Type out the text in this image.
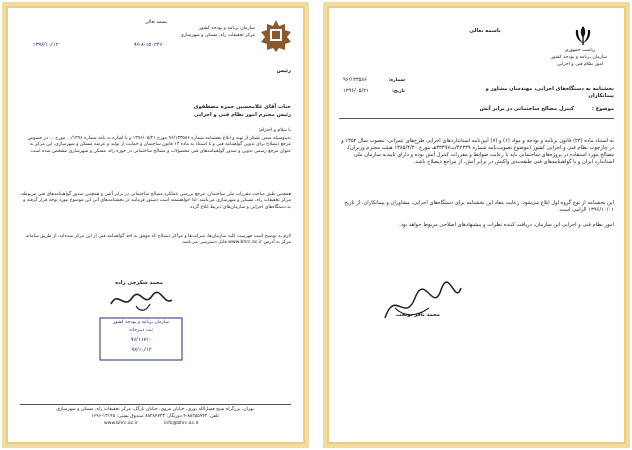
بسمه تعالی
سازمان برنامه و بودجه کشور
مرکز تحقیقات راه، مسکن و شهرسازی
۹۶-۸-۱۵۰۲۴۶
۱۳۹۶/۱۰/۱۲
رئیس
جناب آقای غلامحسین حمزه مصطفوی
رئیس محترم امور نظام فنی و اجرایی
با سلام و احترام؛
بدینوسیله ضمن تشکر از تهیه و ابلاغ بخشنامه شماره ۹۶/۱۳۳۵۸۶ مورخ ۱۳۹۶/۰۵/۲۱ و با اشاره به نامه شماره ۱۳۹۶/... مورخ ... در خصوص مرجع ذیصلاح برای تدوین گواهینامه فنی و با استناد به ماده ۱۳ قانون ساختمان و حمایت از تولید و عرضه مسکن و شهرسازی، این مرکز به عنوان مرجع رسمی تدوین و صدور گواهینامه‌های فنی محصولات و مصالح ساختمانی در حوزه راه، مسکن و شهرسازی مشخص شده است.
همچنین طبق مباحث مقررات ملی ساختمان، مرجع بررسی عملکرد مصالح ساختمانی در برابر آتش و همچنین صدور گواهینامه‌های فنی مربوطه، مرکز تحقیقات راه، مسکن و شهرسازی می‌باشد. لذا خواهشمند است دستور فرمایید در بخشنامه‌های آتی این موضوع مورد توجه قرار گرفته و به دستگاه‌های اجرایی و سازمان‌های ذیربط ابلاغ گردد.
لازم به توضیح است فهرست کلیه سازمان‌ها، شرکت‌ها و مراکز ذیصلاح که موفق به اخذ گواهینامه فنی از این مرکز شده‌اند، از طریق سامانه مرکز به آدرس www.bhrc.ac.ir قابل دسترسی می‌باشد.
محمد شکرچی زاده
سازمان برنامه و بودجه کشور
ثبت دبیرخانه
۹۶/۱۱۷۱۰
۹۶/۱۰/۱۲
تهران، بزرگراه شیخ فضل‌الله نوری، خیابان مروی، خیابان نارگل، مرکز تحقیقات راه، مسکن و شهرسازی
تلفن: ۸۸۲۵۵۹۴۲-۴ دورنگار: ۸۸۳۸۴۷۲۳ صندوق پستی: ۱۳۱۴۵-۱۶۹۶
www.bhrc.ac.ir	info@bhrc.ac.ir
باسمه تعالی
ریاست جمهوری
سازمان برنامه و بودجه کشور
امور نظام فنی و اجرایی
شماره:
۹۶/۱۳۳۵۸۶
تاریخ:
۱۳۹۶/۰۵/۲۱	بخشنامه به دستگاه‌های اجرایی، مهندسان مشاور و پیمانکاران
موضوع :
کنترل مصالح ساختمانی در برابر آتش
به استناد ماده (۲۳) قانون برنامه و بودجه و مواد (۶) و (۷) آیین‌نامه استانداردهای اجرایی طرح‌های عمرانی- مصوب سال ۱۳۵۲ و در چارچوب نظام فنی و اجرایی کشور (موضوع تصویب‌نامه شماره ۴۲۳۳۹/ت۳۳۴۹۷هـ مورخ ۱۳۸۵/۴/۲۰ هیئت محترم وزیران)، مصالح مورد استفاده در پروژه‌های ساختمانی باید با رعایت ضوابط و مقررات کنترل آتش بوده و دارای تاییدیه سازمان ملی استاندارد ایران و یا گواهینامه‌های فنی طبقه‌بندی واکنش در برابر آتش، از مراجع ذیصلاح باشد.
این بخشنامه از نوع گروه اول ابلاغ می‌شود. رعایت مفاد این بخشنامه برای دستگاه‌های اجرایی، مشاوران و پیمانکاران، از تاریخ ۱۳۹۶/۱۰/۰۱ الزامی است.
امور نظام فنی و اجرایی این سازمان، دریافت کننده نظرات و پیشنهادهای اصلاحی مربوط خواهد بود.
محمد باقر نوبخت
